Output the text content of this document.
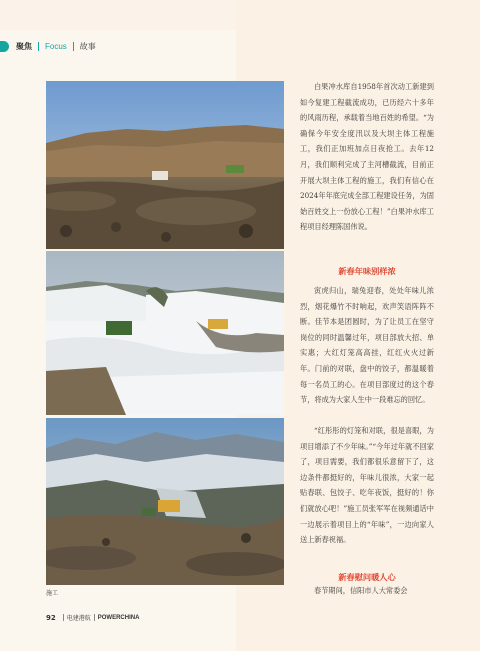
聚焦 Focus 故事
施工

白果冲水库自1958年首次动工新建到如今复建工程截流成功，已历经六十多年的风雨历程，承载着当地百姓的希望。“为确保今年安全度汛以及大坝主体工程施工，我们正加班加点日夜抢工。去年12月，我们顺利完成了主河槽截流，目前正开展大坝主体工程的施工，我们有信心在2024年年底完成全部工程建设任务，为固始百姓交上一份放心工程！”白果冲水库工程项目经理陈国伟说。

新春年味别样浓

寅虎归山，瑞兔迎春，处处年味儿浓烈，烟花爆竹不时响起，欢声笑语阵阵不断。佳节本是团圆时，为了让员工在坚守岗位的同时温馨过年，项目部放大招、单实惠；大红灯笼高高挂，红红火火过新年。门前的对联，盘中的饺子，都温暖着每一名员工的心。在项目部度过的这个春节，将成为大家人生中一段难忘的回忆。

“红彤彤的灯笼和对联，很是喜眼，为项目增添了不少年味。”“今年过年就不回家了，项目需要，我们都很乐意留下了，这边条件都挺好的，年味儿很浓，大家一起贴春联、包饺子、吃年夜饭，挺好的！你们就放心吧！”施工员张军军在视频通话中一边展示着项目上的“年味”，一边向家人送上新春祝福。

新春慰问暖人心

春节期间，信阳市人大常委会

92 电建港航 POWERCHINA
